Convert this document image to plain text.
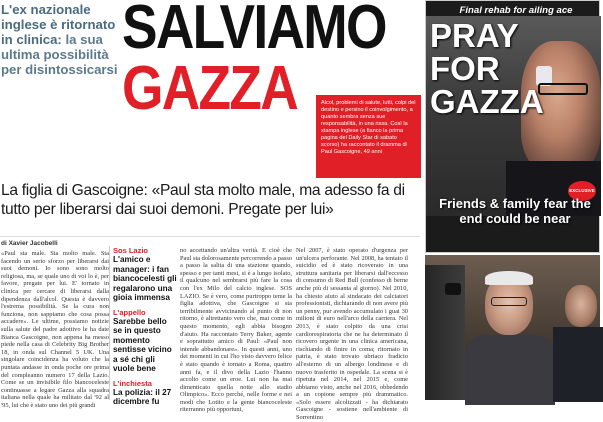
L'ex nazionale inglese è ritornato in clinica: la sua ultima possibilità per disintossicarsi
SALVIAMO
GAZZA	Alcol, problemi di salute, lutti, colpi del destino e persino il coinvolgimento, a quanto sembra senza sue responsabilità, in una rissa. Così la stampa inglese (a fianco la prima pagina del Daily Star di sabato scorso) ha raccontato il dramma di Paul Gascoigne, 49 anni
La figlia di Gascoigne: «Paul sta molto male, ma adesso fa di tutto per liberarsi dai suoi demoni. Pregate per lui»
di Xavier Jacobelli
«Paul sta male. Sta molto male. Sta facendo un serio sforzo per liberarsi dai suoi demoni. Io sono sono molto religiosa, ma, se quale uno di voi lo è, per favore, pregate per lui. E' tornato in clinica per cercare di liberarsi dalla dipendenza dall'alcol. Questa è davvero l'estrema possibilità. Se la cura non funziona, non sappiamo che cosa possa accadere». Le ultime, possiamo notizie sulla salute del padre adottivo le ha date Bianca Gascoigne, non appena ha messo piede nella casa di Celebrity Big Brother 18, in onda sul Channel 5 UK. Una singolare coincidenza ha voluto che la puntata andasse in onda poche ore prima del compleanno numero 17 della Lazio. Come se un invisibile filo biancoceleste continuasse a legare Gazza alla squadra italiana nella quale ha militato dal '92 al '95, lui che è stato uno dei più grandi
Sos Lazio
L'amico e manager: i fan biancocelesti gli regalarono una gioia immensa
L'appello
Sarebbe bello se in questo momento sentisse vicino a sé chi gli vuole bene
L'inchiesta
La polizia: il 27 dicembre fu
no accettando un'altra verità. E cioè che Paul sta dolorosamente percorrendo a passo a passo la salita di una stazione quando, spesso e per tanti mesi, si è a lungo isolato, il qualcuno nel sembrarsi più fare la cosa con l'ex Milo del calcio inglese. SOS LAZIO. Se è vero, come purtroppo teme la figlia adottiva, che Gascoigne si sta terribilmente avvicinando al punto di non ritorno, è altrettanto vero che, mai come in questo momento, egli abbia bisogno d'aiuto. Ha raccontato Terry Baker, agente e soprattutto amico di Paul: «Paul non intende abbandonare». In questi anni, uno dei momenti in cui l'ho visto davvero felice è stato quando è tornato a Roma, quattro anni fa, e il divo della Lazio l'hanno accolto come un eroe. Lui non ha mai dimenticato quella notte allo stadio Olimpico». Ecco perché, nelle forme e nei modi che Lotito e la gente biancoceleste riterranno più opportuni,
Nel 2007, è stato operato d'urgenza per un'ulcera perforante. Nel 2008, ha tentato il suicidio ed è stato ricoverato in una struttura sanitaria per liberarsi dall'eccesso di consumo di Red Bull (confesso di berne anche più di sessanta al giorno). Nel 2010, ha chiesto aiuto al sindacato dei calciatori professionisti, dichiarando di non avere più un penny, pur avendo accumulato i guai 30 milioni di euro nell'arco della carriera. Nel 2013, è stato colpito da una crisi cardiorespiratoria che ne ha determinato il ricovero urgente in una clinica americana, rischiando di finire in coma; ritornato in patria, è stato trovato ubriaco fradicio all'esterno di un albergo londinese e di nuovo trasferito in ospedale. La scena si è ripetuta nel 2014, nel 2015 e, come abbiamo visto, anche nel 2016, obbedendo a un copione sempre più drammatico. «Solo essere alcolizzati - ha dichiarato Gascoigne - sostiene nell'ambiente di Sorrentino
Final rehab for ailing ace
PRAY
FOR
GAZZA
EXCLUSIVE
Friends & family fear the end could be near
